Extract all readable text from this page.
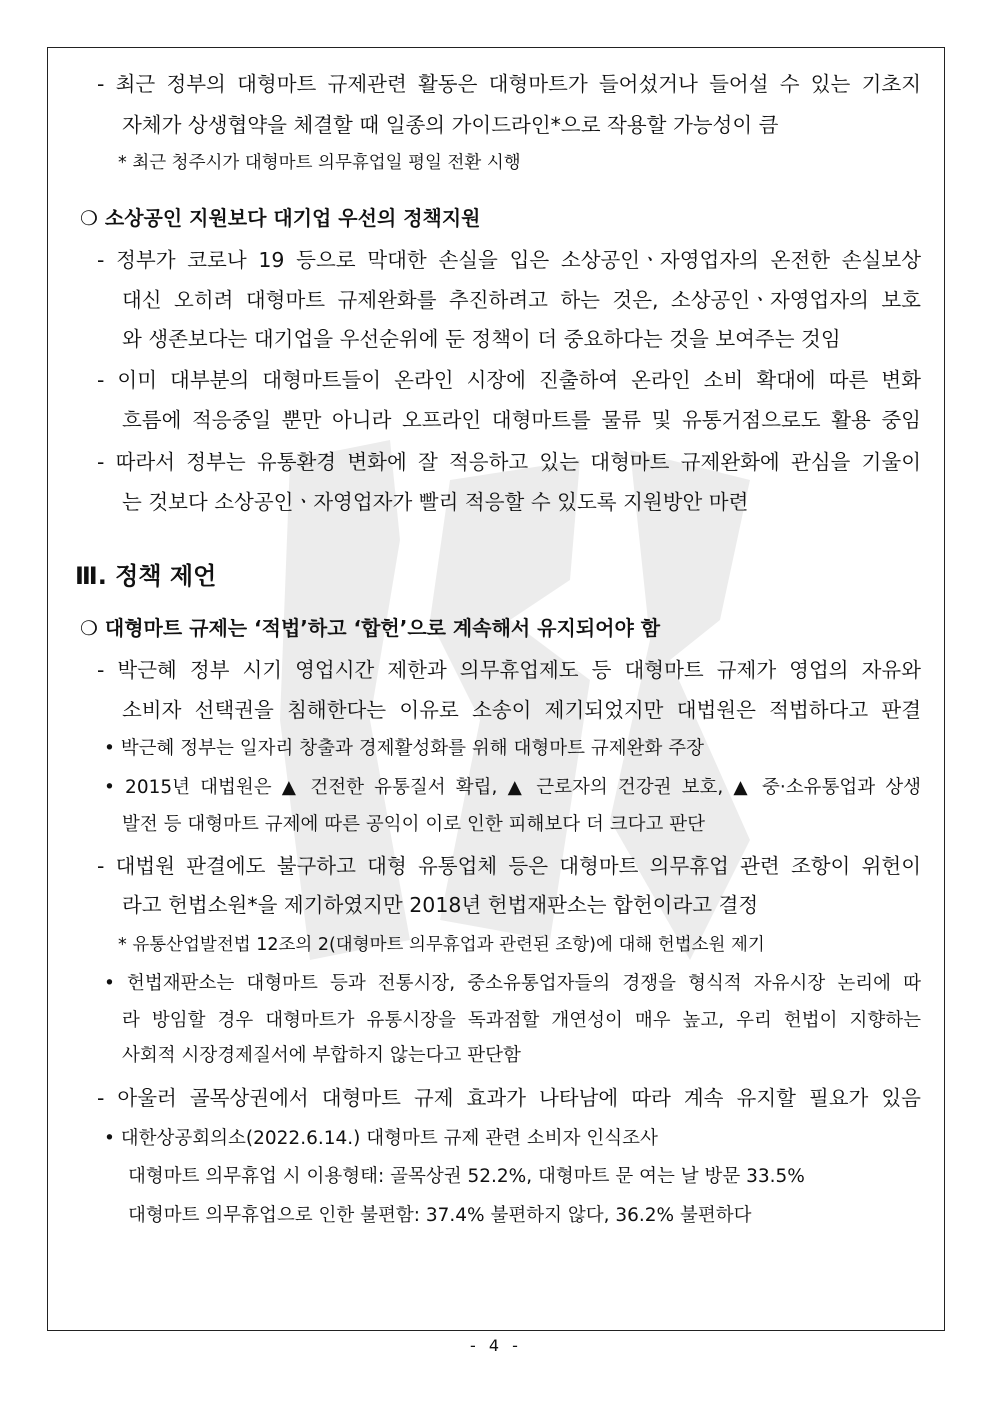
- 최근 정부의 대형마트 규제관련 활동은 대형마트가 들어섰거나 들어설 수 있는 기초지
자체가 상생협약을 체결할 때 일종의 가이드라인*으로 작용할 가능성이 큼
* 최근 청주시가 대형마트 의무휴업일 평일 전환 시행
❍ 소상공인 지원보다 대기업 우선의 정책지원
- 정부가 코로나 19 등으로 막대한 손실을 입은 소상공인ㆍ자영업자의 온전한 손실보상
대신 오히려 대형마트 규제완화를 추진하려고 하는 것은, 소상공인ㆍ자영업자의 보호
와 생존보다는 대기업을 우선순위에 둔 정책이 더 중요하다는 것을 보여주는 것임
- 이미 대부분의 대형마트들이 온라인 시장에 진출하여 온라인 소비 확대에 따른 변화
흐름에 적응중일 뿐만 아니라 오프라인 대형마트를 물류 및 유통거점으로도 활용 중임
- 따라서 정부는 유통환경 변화에 잘 적응하고 있는 대형마트 규제완화에 관심을 기울이
는 것보다 소상공인ㆍ자영업자가 빨리 적응할 수 있도록 지원방안 마련
Ⅲ. 정책 제언
❍ 대형마트 규제는 ‘적법’하고 ‘합헌’으로 계속해서 유지되어야 함
- 박근혜 정부 시기 영업시간 제한과 의무휴업제도 등 대형마트 규제가 영업의 자유와
소비자 선택권을 침해한다는 이유로 소송이 제기되었지만 대법원은 적법하다고 판결
• 박근혜 정부는 일자리 창출과 경제활성화를 위해 대형마트 규제완화 주장
• 2015년 대법원은 ▲ 건전한 유통질서 확립, ▲ 근로자의 건강권 보호, ▲ 중·소유통업과 상생
발전 등 대형마트 규제에 따른 공익이 이로 인한 피해보다 더 크다고 판단
- 대법원 판결에도 불구하고 대형 유통업체 등은 대형마트 의무휴업 관련 조항이 위헌이
라고 헌법소원*을 제기하였지만 2018년 헌법재판소는 합헌이라고 결정
* 유통산업발전법 12조의 2(대형마트 의무휴업과 관련된 조항)에 대해 헌법소원 제기
• 헌법재판소는 대형마트 등과 전통시장, 중소유통업자들의 경쟁을 형식적 자유시장 논리에 따
라 방임할 경우 대형마트가 유통시장을 독과점할 개연성이 매우 높고, 우리 헌법이 지향하는
사회적 시장경제질서에 부합하지 않는다고 판단함
- 아울러 골목상권에서 대형마트 규제 효과가 나타남에 따라 계속 유지할 필요가 있음
• 대한상공회의소(2022.6.14.) 대형마트 규제 관련 소비자 인식조사
대형마트 의무휴업 시 이용형태: 골목상권 52.2%, 대형마트 문 여는 날 방문 33.5%
대형마트 의무휴업으로 인한 불편함: 37.4% 불편하지 않다, 36.2% 불편하다
- 4 -
